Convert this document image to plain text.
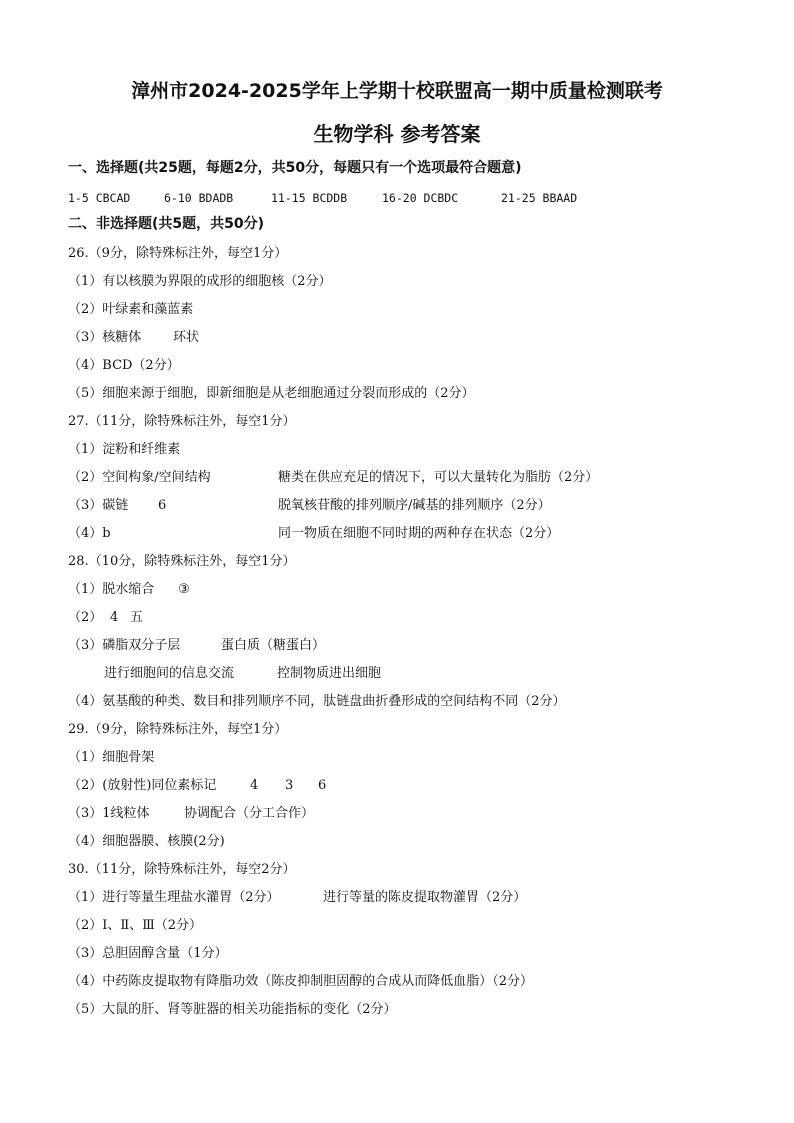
漳州市2024-2025学年上学期十校联盟高一期中质量检测联考
生物学科 参考答案
一、选择题(共25题，每题2分，共50分，每题只有一个选项最符合题意)
1-5 CBCAD	6-10 BDADB	11-15 BCDDB	16-20 DCBDC	21-25 BBAAD
二、非选择题(共5题，共50分)
26.（9分，除特殊标注外，每空1分）
（1）有以核膜为界限的成形的细胞核（2分）
（2）叶绿素和藻蓝素
（3）核糖体 环状
（4）BCD（2分）
（5）细胞来源于细胞，即新细胞是从老细胞通过分裂而形成的（2分）
27.（11分，除特殊标注外，每空1分）
（1）淀粉和纤维素
（2）空间构象/空间结构	糖类在供应充足的情况下，可以大量转化为脂肪（2分）
（3）碳链 6	脱氧核苷酸的排列顺序/碱基的排列顺序（2分）
（4）b	同一物质在细胞不同时期的两种存在状态（2分）
28.（10分，除特殊标注外，每空1分）
（1）脱水缩合 ③
（2） 4 五
（3）磷脂双分子层	蛋白质（糖蛋白）
进行细胞间的信息交流	控制物质进出细胞
（4）氨基酸的种类、数目和排列顺序不同，肽链盘曲折叠形成的空间结构不同（2分）
29.（9分，除特殊标注外，每空1分）
（1）细胞骨架
（2）(放射性)同位素标记	4 3 6
（3）1线粒体	协调配合（分工合作）
（4）细胞器膜、核膜(2分)
30.（11分，除特殊标注外，每空2分）
（1）进行等量生理盐水灌胃（2分）	进行等量的陈皮提取物灌胃（2分）
（2）Ⅰ、Ⅱ、Ⅲ（2分）
（3）总胆固醇含量（1分）
（4）中药陈皮提取物有降脂功效（陈皮抑制胆固醇的合成从而降低血脂）（2分）
（5）大鼠的肝、肾等脏器的相关功能指标的变化（2分）
